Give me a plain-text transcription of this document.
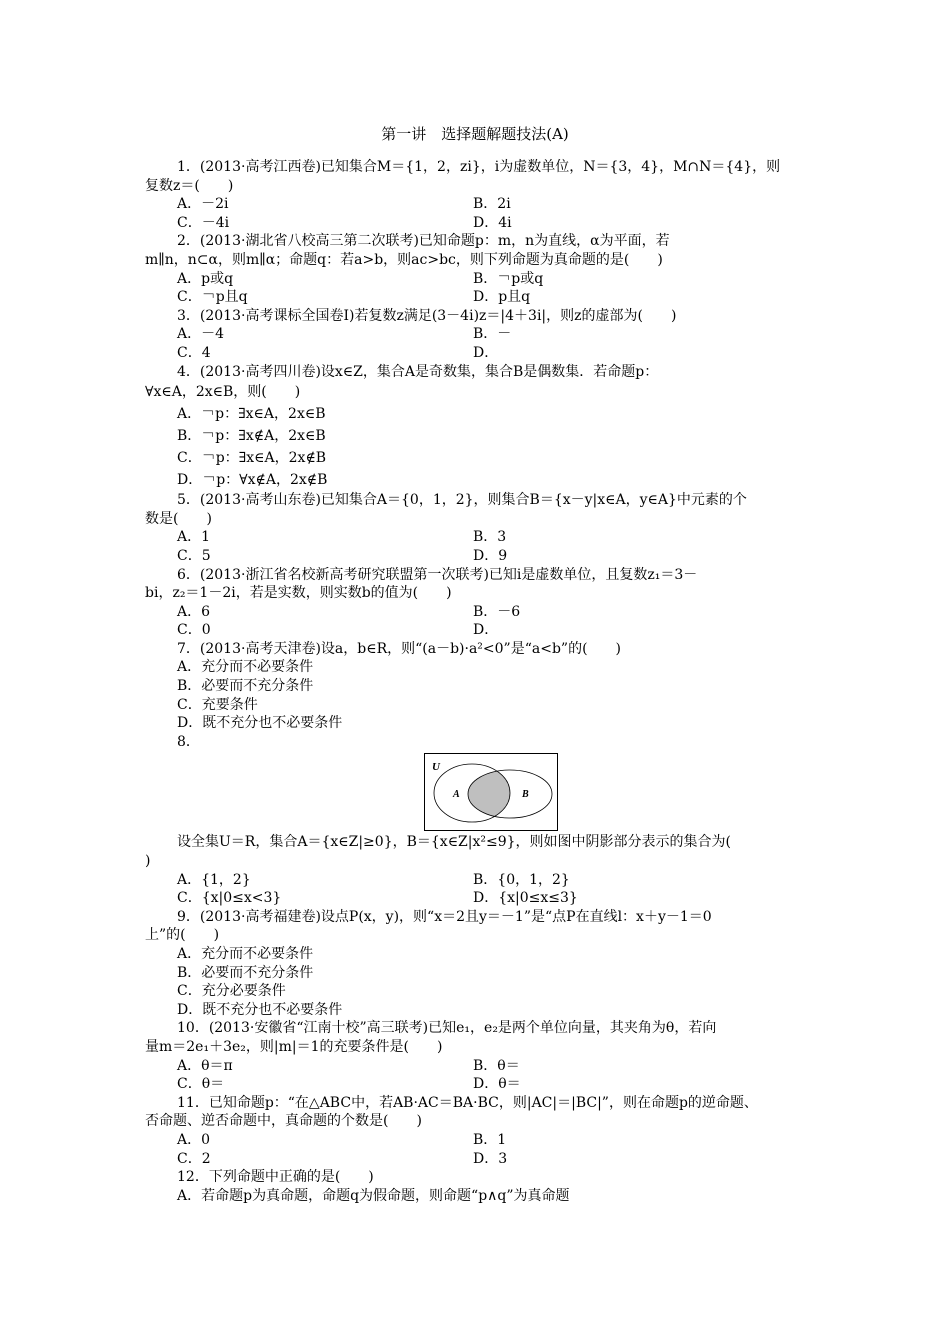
第一讲　选择题解题技法(A)
1．(2013·高考江西卷)已知集合M＝{1，2，zi}，i为虚数单位，N＝{3，4}，M∩N＝{4}，则
复数z＝(　　)
A．－2i	B．2i
C．－4i	D．4i
2．(2013·湖北省八校高三第二次联考)已知命题p：m，n为直线，α为平面，若
m∥n，n⊂α，则m∥α；命题q：若a>b，则ac>bc，则下列命题为真命题的是(　　)
A．p或q	B．￢p或q
C．￢p且q	D．p且q
3．(2013·高考课标全国卷Ⅰ)若复数z满足(3－4i)z＝|4＋3i|，则z的虚部为(　　)
A．－4	B．－
C．4	D．
4．(2013·高考四川卷)设x∈Z，集合A是奇数集，集合B是偶数集．若命题p：
∀x∈A，2x∈B，则(　　)
A．￢p：∃x∈A，2x∈B
B．￢p：∃x∉A，2x∈B
C．￢p：∃x∈A，2x∉B
D．￢p：∀x∉A，2x∉B
5．(2013·高考山东卷)已知集合A＝{0，1，2}，则集合B＝{x－y|x∈A，y∈A}中元素的个
数是(　　)
A．1	B．3
C．5	D．9
6．(2013·浙江省名校新高考研究联盟第一次联考)已知i是虚数单位，且复数z₁＝3－
bi，z₂＝1－2i，若是实数，则实数b的值为(　　)
A．6	B．－6
C．0	D．
7．(2013·高考天津卷)设a，b∈R，则“(a－b)·a²<0”是“a<b”的(　　)
A．充分而不必要条件
B．必要而不充分条件
C．充要条件
D．既不充分也不必要条件
8．
U
A	B
设全集U＝R，集合A＝{x∈Z|≥0}，B＝{x∈Z|x²≤9}，则如图中阴影部分表示的集合为(
)
A．{1，2}	B．{0，1，2}
C．{x|0≤x<3}	D．{x|0≤x≤3}
9．(2013·高考福建卷)设点P(x，y)，则“x＝2且y＝－1”是“点P在直线l：x＋y－1＝0
上”的(　　)
A．充分而不必要条件
B．必要而不充分条件
C．充分必要条件
D．既不充分也不必要条件
10．(2013·安徽省“江南十校”高三联考)已知e₁，e₂是两个单位向量，其夹角为θ，若向
量m＝2e₁＋3e₂，则|m|＝1的充要条件是(　　)
A．θ＝π	B．θ＝
C．θ＝	D．θ＝
11．已知命题p：“在△ABC中，若AB·AC＝BA·BC，则|AC|＝|BC|”，则在命题p的逆命题、
否命题、逆否命题中，真命题的个数是(　　)
A．0	B．1
C．2	D．3
12．下列命题中正确的是(　　)
A．若命题p为真命题，命题q为假命题，则命题“p∧q”为真命题
